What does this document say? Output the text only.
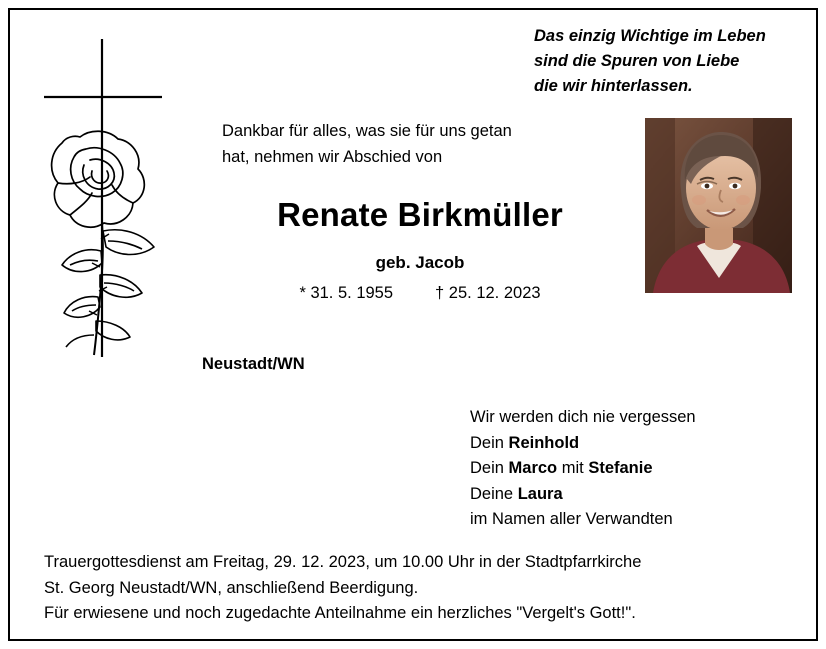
Das einzig Wichtige im Leben
sind die Spuren von Liebe
die wir hinterlassen.
Dankbar für alles, was sie für uns getan
hat, nehmen wir Abschied von
Renate Birkmüller
geb. Jacob
* 31. 5. 1955	† 25. 12. 2023
Neustadt/WN
Wir werden dich nie vergessen
Dein Reinhold
Dein Marco mit Stefanie
Deine Laura
im Namen aller Verwandten
Trauergottesdienst am Freitag, 29. 12. 2023, um 10.00 Uhr in der Stadtpfarrkirche
St. Georg Neustadt/WN, anschließend Beerdigung.
Für erwiesene und noch zugedachte Anteilnahme ein herzliches "Vergelt's Gott!".
